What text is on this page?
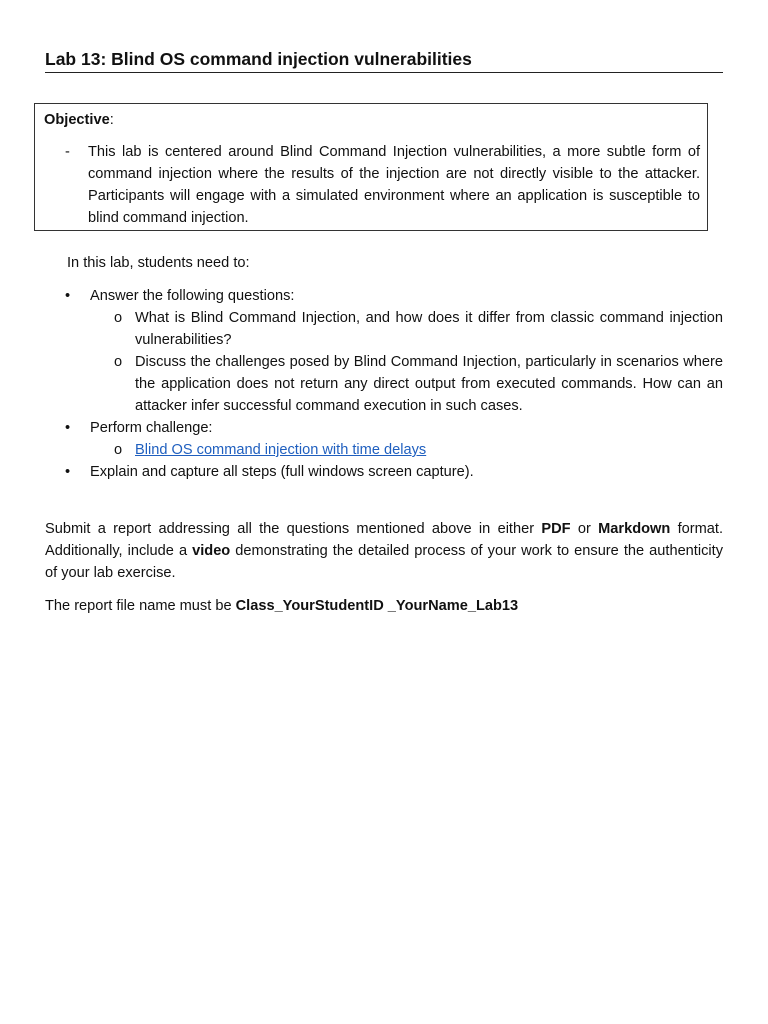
Lab 13: Blind OS command injection vulnerabilities
Objective:
- This lab is centered around Blind Command Injection vulnerabilities, a more subtle form of command injection where the results of the injection are not directly visible to the attacker. Participants will engage with a simulated environment where an application is susceptible to blind command injection.

In this lab, students need to:

• Answer the following questions:
o What is Blind Command Injection, and how does it differ from classic command injection vulnerabilities?
o Discuss the challenges posed by Blind Command Injection, particularly in scenarios where the application does not return any direct output from executed commands. How can an attacker infer successful command execution in such cases.
• Perform challenge:
o Blind OS command injection with time delays
• Explain and capture all steps (full windows screen capture).

Submit a report addressing all the questions mentioned above in either PDF or Markdown format. Additionally, include a video demonstrating the detailed process of your work to ensure the authenticity of your lab exercise.

The report file name must be Class_YourStudentID _YourName_Lab13
